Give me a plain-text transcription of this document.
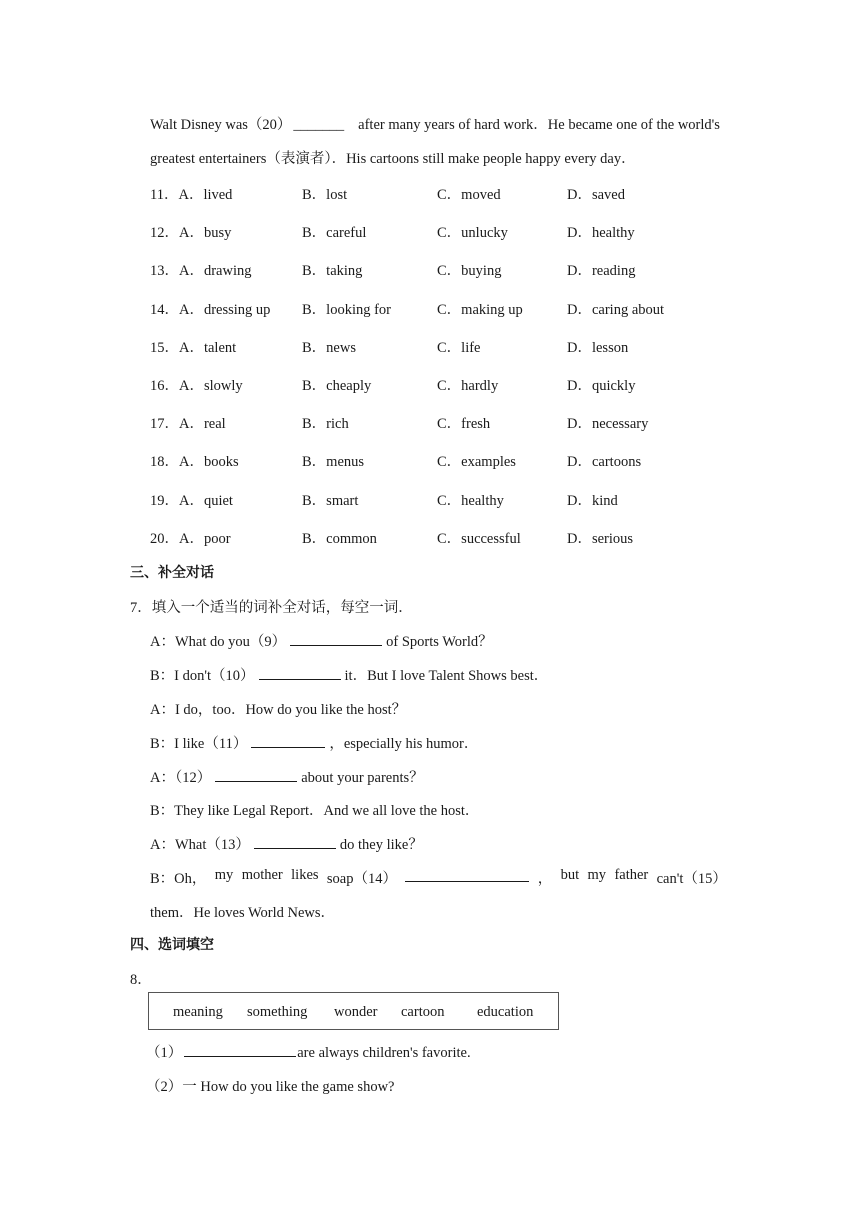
Walt Disney was（20） _______ after many years of hard work．He became one of the world's
greatest entertainers（表演者）．His cartoons still make people happy every day．
11．A．lived	B．lost	C．moved	D．saved
12．A．busy	B．careful	C．unlucky	D．healthy
13．A．drawing	B．taking	C．buying	D．reading
14．A．dressing up B．looking for	C．making up	D．caring about
15．A．talent	B．news	C．life	D．lesson
16．A．slowly	B．cheaply	C．hardly	D．quickly
17．A．real	B．rich	C．fresh	D．necessary
18．A．books	B．menus	C．examples	D．cartoons
19．A．quiet	B．smart	C．healthy	D．kind
20．A．poor	B．common	C．successful	D．serious
三、补全对话
7．填入一个适当的词补全对话，每空一词．
A：What do you（9）	of Sports World？
B：I don't（10）	it．But I love Talent Shows best．
A：I do，too．How do you like the host？
B：I like（11）	，especially his humor．
A：（12）	about your parents？
B：They like Legal Report．And we all love the host．
A：What（13）	do they like？
B：Oh， my mother likes soap（14）	， but my father can't（15）
them．He loves World News．
四、选词填空
8．
meaning something wonder cartoon education
（1）	are always children's favorite.
（2）一 How do you like the game show?
